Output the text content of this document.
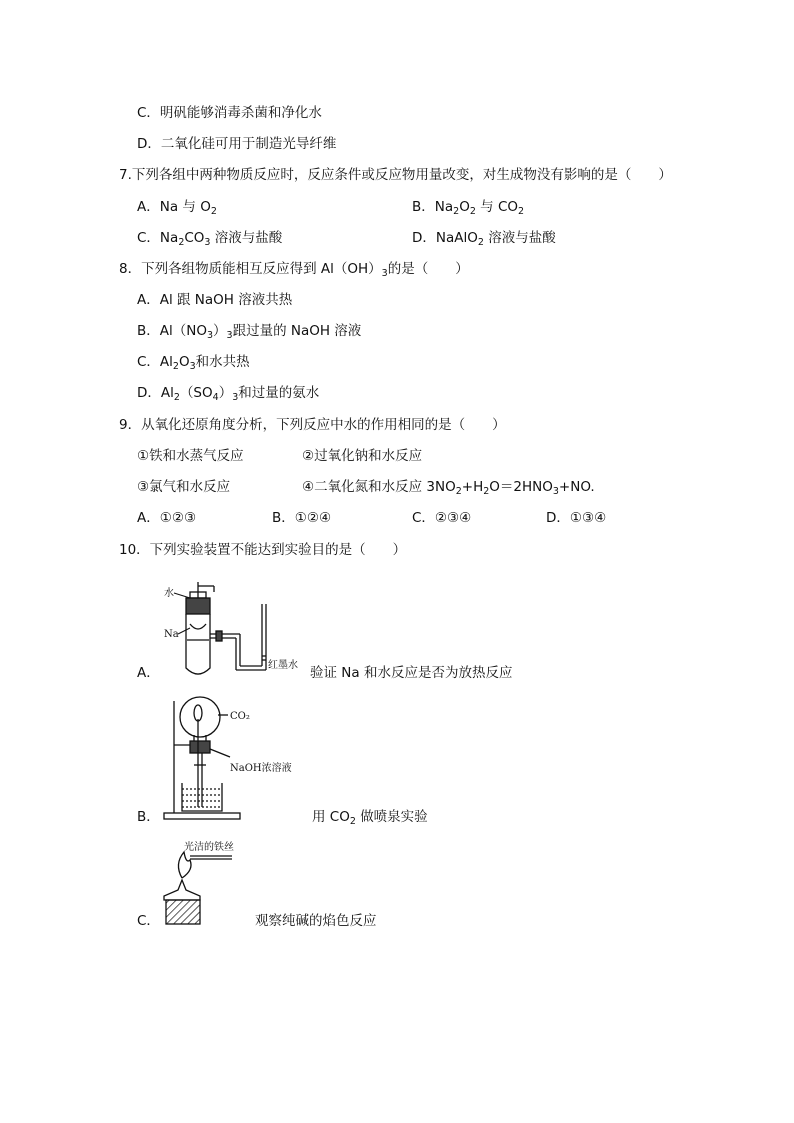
C．明矾能够消毒杀菌和净化水
D．二氧化硅可用于制造光导纤维
7.下列各组中两种物质反应时，反应条件或反应物用量改变，对生成物没有影响的是（　　）
A．Na 与 $O_2$	B．$Na_2O_2$ 与 $CO_2$
C．$Na_2CO_3$ 溶液与盐酸	D．NaAlO$_2$ 溶液与盐酸
8．下列各组物质能相互反应得到 $Al(OH)_3$的是（　　）
A．Al 跟 NaOH 溶液共热
B．$Al(NO_3)_3$跟过量的 NaOH 溶液
C．$Al_2O_3$和水共热
D．$Al_2(SO_4)_3$和过量的氨水
9．从氧化还原角度分析，下列反应中水的作用相同的是（　　）
①铁和水蒸气反应	②过氧化钠和水反应
③氯气和水反应	④二氧化氮和水反应 $3NO_2+H_2O=2HNO_3+NO$.
A．①②③	B．①②④	C．②③④	D．①③④
10．下列实验装置不能达到实验目的是（　　）
水
Na
红墨水
A．	验证 Na 和水反应是否为放热反应
CO₂
NaOH浓溶液
B．	用 $CO_2$ 做喷泉实验
光洁的铁丝
C．	观察纯碱的焰色反应
